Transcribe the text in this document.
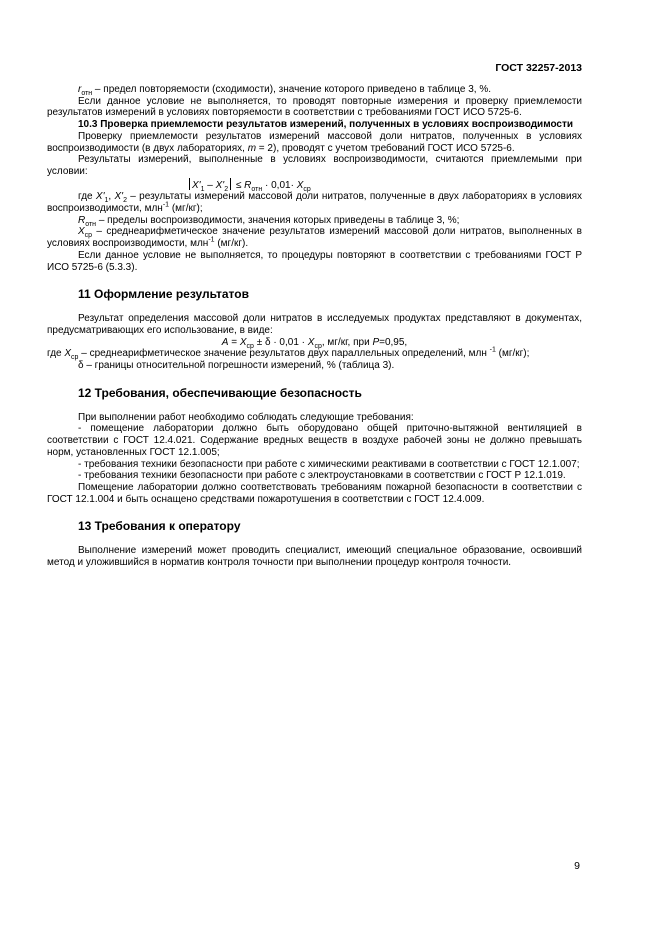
ГОСТ 32257-2013

$r_{отн}$ – предел повторяемости (сходимости), значение которого приведено в таблице 3, %.

Если данное условие не выполняется, то проводят повторные измерения и проверку приемлемости результатов измерений в условиях повторяемости в соответствии с требованиями ГОСТ ИСО 5725-6.

10.3 Проверка приемлемости результатов измерений, полученных в условиях воспроизводимости

Проверку приемлемости результатов измерений массовой доли нитратов, полученных в условиях воспроизводимости (в двух лабораториях, m = 2), проводят с учетом требований ГОСТ ИСО 5725-6.

Результаты измерений, выполненные в условиях воспроизводимости, считаются приемлемыми при условии:

$X'_1 - X'_2 \le R_{отн} \cdot 0,01\cdot X_{ср}$

где $X'_1$, $X'_2$ – результаты измерений массовой доли нитратов, полученные в двух лабораториях в условиях воспроизводимости, млн$^{-1}$ (мг/кг);

$R_{отн}$ – пределы воспроизводимости, значения которых приведены в таблице 3, %;

$X_{ср}$ – среднеарифметическое значение результатов измерений массовой доли нитратов, выполненных в условиях воспроизводимости, млн$^{-1}$ (мг/кг).

Если данное условие не выполняется, то процедуры повторяют в соответствии с требованиями ГОСТ Р ИСО 5725-6 (5.3.3).

11 Оформление результатов

Результат определения массовой доли нитратов в исследуемых продуктах представляют в документах, предусматривающих его использование, в виде:

$A = X_{ср} \pm \delta \cdot 0,01 \cdot X_{ср}$, мг/кг, при P=0,95,

где $X_{ср}$ – среднеарифметическое значение результатов двух параллельных определений, млн $^{-1}$ (мг/кг);

δ – границы относительной погрешности измерений, % (таблица 3).

12 Требования, обеспечивающие безопасность

При выполнении работ необходимо соблюдать следующие требования:

- помещение лаборатории должно быть оборудовано общей приточно-вытяжной вентиляцией в соответствии с ГОСТ 12.4.021. Содержание вредных веществ в воздухе рабочей зоны не должно превышать норм, установленных ГОСТ 12.1.005;

- требования техники безопасности при работе с химическими реактивами в соответствии с ГОСТ 12.1.007;

- требования техники безопасности при работе с электроустановками в соответствии с ГОСТ Р 12.1.019.

Помещение лаборатории должно соответствовать требованиям пожарной безопасности в соответствии с ГОСТ 12.1.004 и быть оснащено средствами пожаротушения в соответствии с ГОСТ 12.4.009.

13 Требования к оператору

Выполнение измерений может проводить специалист, имеющий специальное образование, освоивший метод и уложившийся в норматив контроля точности при выполнении процедур контроля точности.

9
